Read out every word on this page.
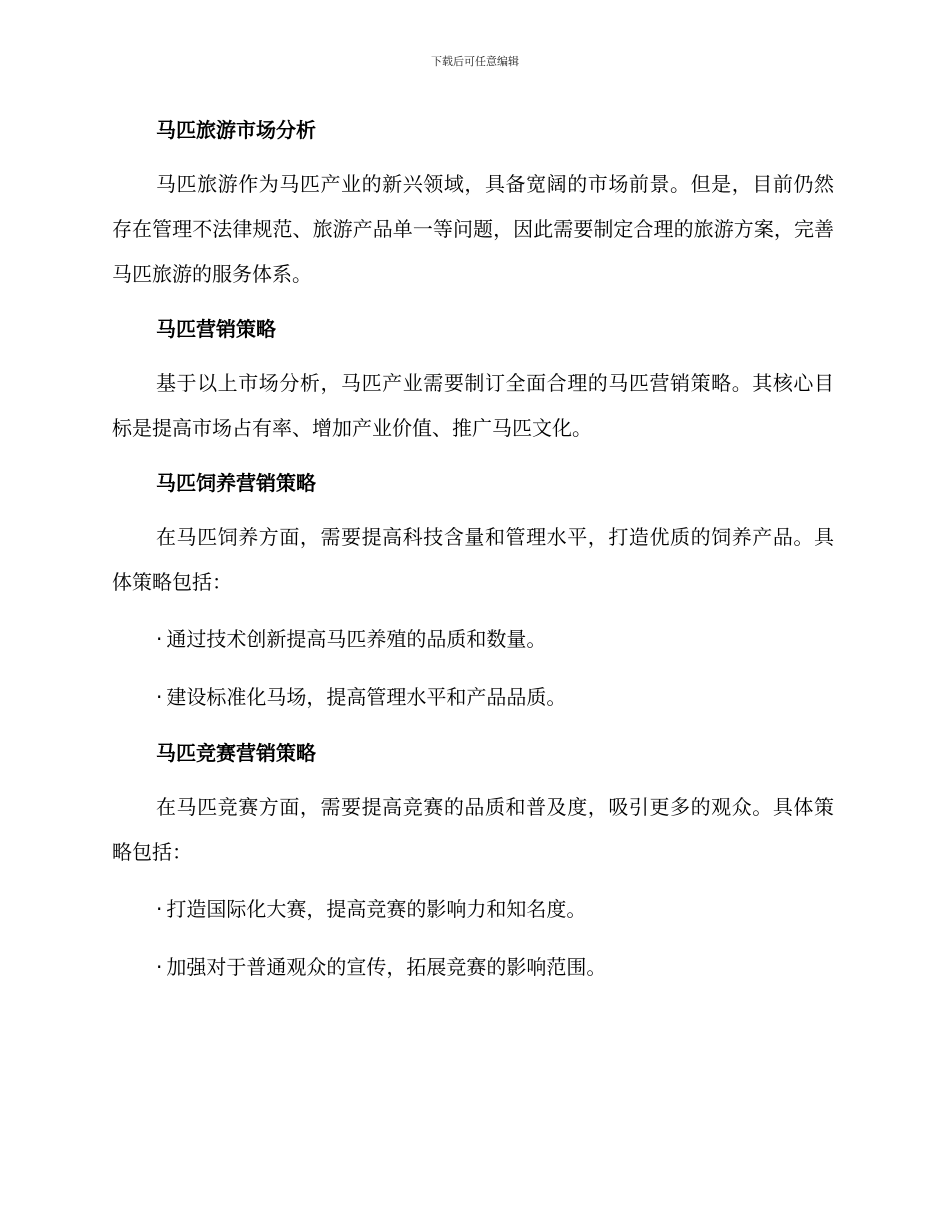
下载后可任意编辑
马匹旅游市场分析
马匹旅游作为马匹产业的新兴领域，具备宽阔的市场前景。但是，目前仍然存在管理不法律规范、旅游产品单一等问题，因此需要制定合理的旅游方案，完善马匹旅游的服务体系。
马匹营销策略
基于以上市场分析，马匹产业需要制订全面合理的马匹营销策略。其核心目标是提高市场占有率、增加产业价值、推广马匹文化。
马匹饲养营销策略
在马匹饲养方面，需要提高科技含量和管理水平，打造优质的饲养产品。具体策略包括：
· 通过技术创新提高马匹养殖的品质和数量。
· 建设标准化马场，提高管理水平和产品品质。
马匹竞赛营销策略
在马匹竞赛方面，需要提高竞赛的品质和普及度，吸引更多的观众。具体策略包括：
· 打造国际化大赛，提高竞赛的影响力和知名度。
· 加强对于普通观众的宣传，拓展竞赛的影响范围。
